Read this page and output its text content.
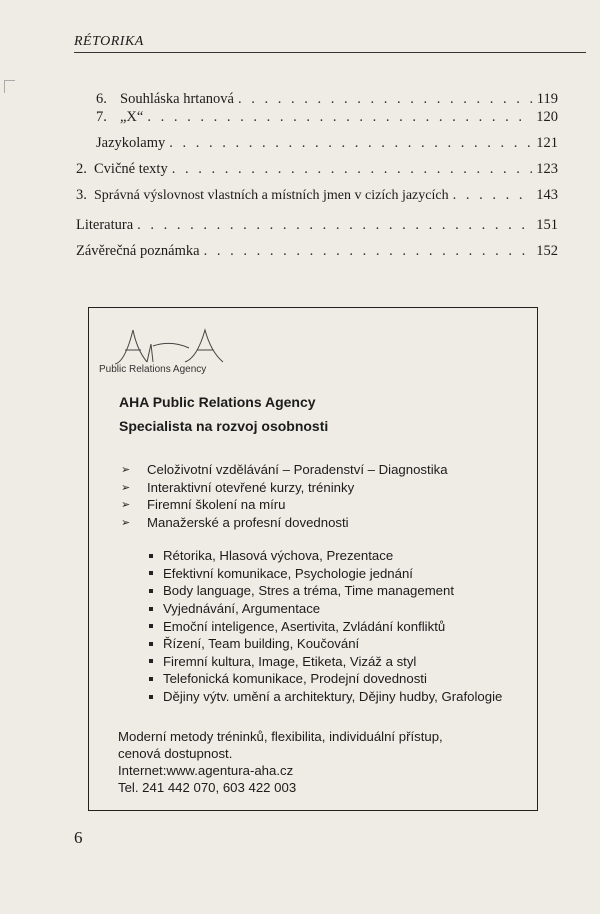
RÉTORIKA
6. Souhláska hrtanová . . .	119
7. „X“ . . .	120
Jazykolamy . . .	121
2. Cvičné texty . . .	123
3. Správná výslovnost vlastních a místních jmen v cizích jazycích . . .	143
Literatura . . .	151
Závěrečná poznámka . . .	152
Public Relations Agency
AHA Public Relations Agency
Specialista na rozvoj osobnosti
➢	Celoživotní vzdělávání – Poradenství – Diagnostika
➢	Interaktivní otevřené kurzy, tréninky
➢	Firemní školení na míru
➢	Manažerské a profesní dovednosti
Rétorika, Hlasová výchova, Prezentace
Efektivní komunikace, Psychologie jednání
Body language, Stres a tréma, Time management
Vyjednávání, Argumentace
Emoční inteligence, Asertivita, Zvládání konfliktů
Řízení, Team building, Koučování
Firemní kultura, Image, Etiketa, Vizáž a styl
Telefonická komunikace, Prodejní dovednosti
Dějiny výtv. umění a architektury, Dějiny hudby, Grafologie
Moderní metody tréninků, flexibilita, individuální přístup,
cenová dostupnost.
Internet:www.agentura-aha.cz
Tel. 241 442 070, 603 422 003
6
